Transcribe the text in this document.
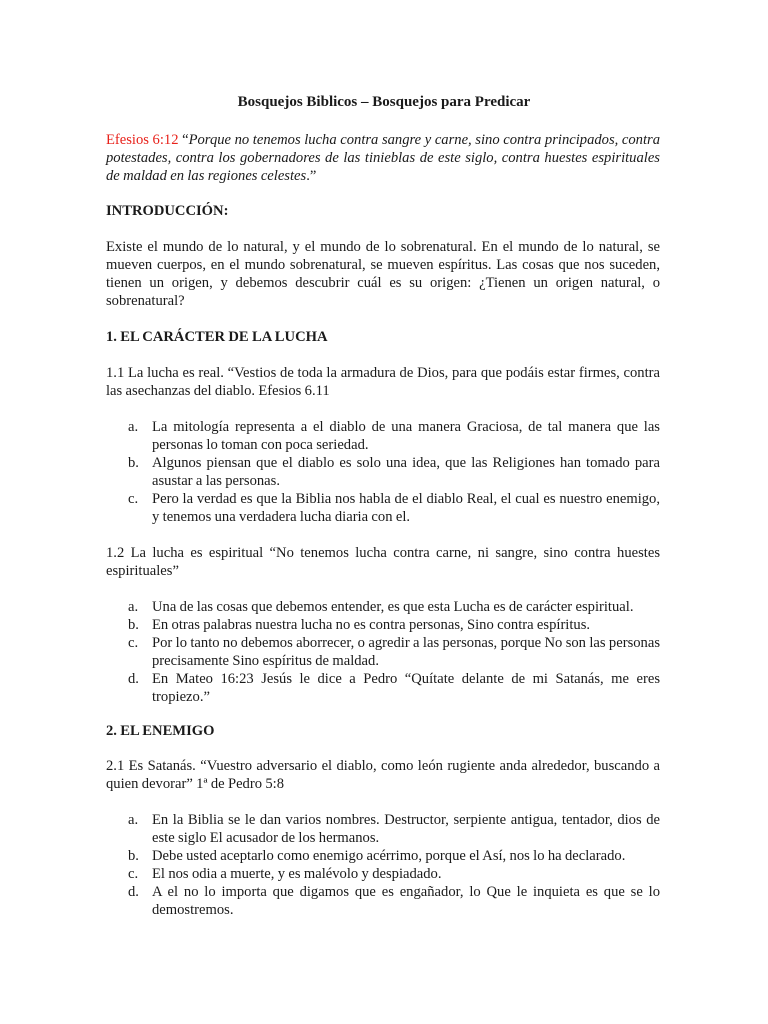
Bosquejos Biblicos – Bosquejos para Predicar

Efesios 6:12 “Porque no tenemos lucha contra sangre y carne, sino contra principados, contra potestades, contra los gobernadores de las tinieblas de este siglo, contra huestes espirituales de maldad en las regiones celestes.”

INTRODUCCIÓN:

Existe el mundo de lo natural, y el mundo de lo sobrenatural. En el mundo de lo natural, se mueven cuerpos, en el mundo sobrenatural, se mueven espíritus. Las cosas que nos suceden, tienen un origen, y debemos descubrir cuál es su origen: ¿Tienen un origen natural, o sobrenatural?

1. EL CARÁCTER DE LA LUCHA

1.1 La lucha es real. “Vestios de toda la armadura de Dios, para que podáis estar firmes, contra las asechanzas del diablo. Efesios 6.11

a. La mitología representa a el diablo de una manera Graciosa, de tal manera que las personas lo toman con poca seriedad.
b. Algunos piensan que el diablo es solo una idea, que las Religiones han tomado para asustar a las personas.
c. Pero la verdad es que la Biblia nos habla de el diablo Real, el cual es nuestro enemigo, y tenemos una verdadera lucha diaria con el.

1.2 La lucha es espiritual “No tenemos lucha contra carne, ni sangre, sino contra huestes espirituales”

a. Una de las cosas que debemos entender, es que esta Lucha es de carácter espiritual.
b. En otras palabras nuestra lucha no es contra personas, Sino contra espíritus.
c. Por lo tanto no debemos aborrecer, o agredir a las personas, porque No son las personas precisamente Sino espíritus de maldad.
d. En Mateo 16:23 Jesús le dice a Pedro “Quítate delante de mi Satanás, me eres tropiezo.”

2. EL ENEMIGO

2.1 Es Satanás. “Vuestro adversario el diablo, como león rugiente anda alrededor, buscando a quien devorar” 1ª de Pedro 5:8

a. En la Biblia se le dan varios nombres. Destructor, serpiente antigua, tentador, dios de este siglo El acusador de los hermanos.
b. Debe usted aceptarlo como enemigo acérrimo, porque el Así, nos lo ha declarado.
c. El nos odia a muerte, y es malévolo y despiadado.
d. A el no lo importa que digamos que es engañador, lo Que le inquieta es que se lo demostremos.
